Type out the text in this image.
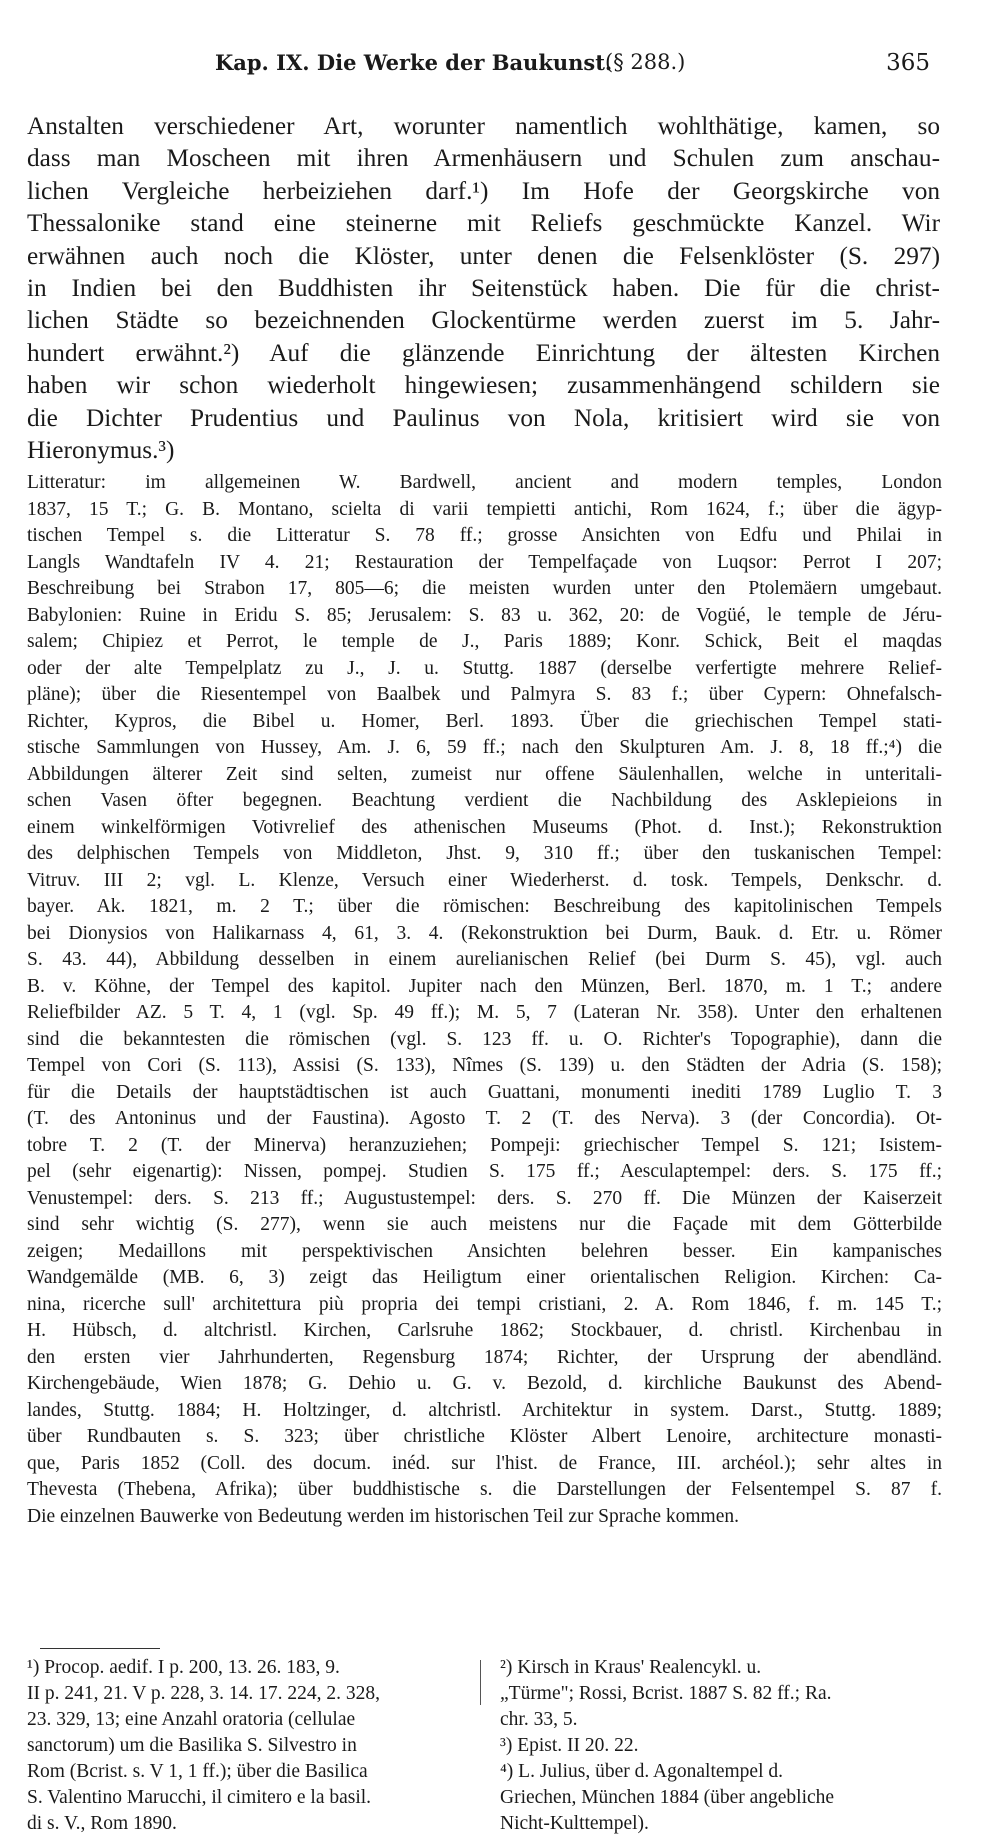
Kap. IX. Die Werke der Baukunst.
(§ 288.)	365
Anstalten verschiedener Art, worunter namentlich wohlthätige, kamen, so
dass man Moscheen mit ihren Armenhäusern und Schulen zum anschau-
lichen Vergleiche herbeiziehen darf.¹) Im Hofe der Georgskirche von
Thessalonike stand eine steinerne mit Reliefs geschmückte Kanzel. Wir
erwähnen auch noch die Klöster, unter denen die Felsenklöster (S. 297)
in Indien bei den Buddhisten ihr Seitenstück haben. Die für die christ-
lichen Städte so bezeichnenden Glockentürme werden zuerst im 5. Jahr-
hundert erwähnt.²) Auf die glänzende Einrichtung der ältesten Kirchen
haben wir schon wiederholt hingewiesen; zusammenhängend schildern sie
die Dichter Prudentius und Paulinus von Nola, kritisiert wird sie von
Hieronymus.³)
Litteratur: im allgemeinen W. Bardwell, ancient and modern temples, London
1837, 15 T.; G. B. Montano, scielta di varii tempietti antichi, Rom 1624, f.; über die ägyp-
tischen Tempel s. die Litteratur S. 78 ff.; grosse Ansichten von Edfu und Philai in
Langls Wandtafeln IV 4. 21; Restauration der Tempelfaçade von Luqsor: Perrot I 207;
Beschreibung bei Strabon 17, 805—6; die meisten wurden unter den Ptolemäern umgebaut.
Babylonien: Ruine in Eridu S. 85; Jerusalem: S. 83 u. 362, 20: de Vogüé, le temple de Jéru-
salem; Chipiez et Perrot, le temple de J., Paris 1889; Konr. Schick, Beit el maqdas
oder der alte Tempelplatz zu J., J. u. Stuttg. 1887 (derselbe verfertigte mehrere Relief-
pläne); über die Riesentempel von Baalbek und Palmyra S. 83 f.; über Cypern: Ohnefalsch-
Richter, Kypros, die Bibel u. Homer, Berl. 1893. Über die griechischen Tempel stati-
stische Sammlungen von Hussey, Am. J. 6, 59 ff.; nach den Skulpturen Am. J. 8, 18 ff.;⁴) die
Abbildungen älterer Zeit sind selten, zumeist nur offene Säulenhallen, welche in unteritali-
schen Vasen öfter begegnen. Beachtung verdient die Nachbildung des Asklepieions in
einem winkelförmigen Votivrelief des athenischen Museums (Phot. d. Inst.); Rekonstruktion
des delphischen Tempels von Middleton, Jhst. 9, 310 ff.; über den tuskanischen Tempel:
Vitruv. III 2; vgl. L. Klenze, Versuch einer Wiederherst. d. tosk. Tempels, Denkschr. d.
bayer. Ak. 1821, m. 2 T.; über die römischen: Beschreibung des kapitolinischen Tempels
bei Dionysios von Halikarnass 4, 61, 3. 4. (Rekonstruktion bei Durm, Bauk. d. Etr. u. Römer
S. 43. 44), Abbildung desselben in einem aurelianischen Relief (bei Durm S. 45), vgl. auch
B. v. Köhne, der Tempel des kapitol. Jupiter nach den Münzen, Berl. 1870, m. 1 T.; andere
Reliefbilder AZ. 5 T. 4, 1 (vgl. Sp. 49 ff.); M. 5, 7 (Lateran Nr. 358). Unter den erhaltenen
sind die bekanntesten die römischen (vgl. S. 123 ff. u. O. Richter's Topographie), dann die
Tempel von Cori (S. 113), Assisi (S. 133), Nîmes (S. 139) u. den Städten der Adria (S. 158);
für die Details der hauptstädtischen ist auch Guattani, monumenti inediti 1789 Luglio T. 3
(T. des Antoninus und der Faustina). Agosto T. 2 (T. des Nerva). 3 (der Concordia). Ot-
tobre T. 2 (T. der Minerva) heranzuziehen; Pompeji: griechischer Tempel S. 121; Isistem-
pel (sehr eigenartig): Nissen, pompej. Studien S. 175 ff.; Aesculaptempel: ders. S. 175 ff.;
Venustempel: ders. S. 213 ff.; Augustustempel: ders. S. 270 ff. Die Münzen der Kaiserzeit
sind sehr wichtig (S. 277), wenn sie auch meistens nur die Façade mit dem Götterbilde
zeigen; Medaillons mit perspektivischen Ansichten belehren besser. Ein kampanisches
Wandgemälde (MB. 6, 3) zeigt das Heiligtum einer orientalischen Religion. Kirchen: Ca-
nina, ricerche sull' architettura più propria dei tempi cristiani, 2. A. Rom 1846, f. m. 145 T.;
H. Hübsch, d. altchristl. Kirchen, Carlsruhe 1862; Stockbauer, d. christl. Kirchenbau in
den ersten vier Jahrhunderten, Regensburg 1874; Richter, der Ursprung der abendländ.
Kirchengebäude, Wien 1878; G. Dehio u. G. v. Bezold, d. kirchliche Baukunst des Abend-
landes, Stuttg. 1884; H. Holtzinger, d. altchristl. Architektur in system. Darst., Stuttg. 1889;
über Rundbauten s. S. 323; über christliche Klöster Albert Lenoire, architecture monasti-
que, Paris 1852 (Coll. des docum. inéd. sur l'hist. de France, III. archéol.); sehr altes in
Thevesta (Thebena, Afrika); über buddhistische s. die Darstellungen der Felsentempel S. 87 f.
Die einzelnen Bauwerke von Bedeutung werden im historischen Teil zur Sprache kommen.
¹) Procop. aedif. I p. 200, 13. 26. 183, 9.
II p. 241, 21. V p. 228, 3. 14. 17. 224, 2. 328,
23. 329, 13; eine Anzahl oratoria (cellulae
sanctorum) um die Basilika S. Silvestro in
Rom (Bcrist. s. V 1, 1 ff.); über die Basilica
S. Valentino Marucchi, il cimitero e la basil.
di s. V., Rom 1890.
²) Kirsch in Kraus' Realencykl. u.
„Türme"; Rossi, Bcrist. 1887 S. 82 ff.; Ra.
chr. 33, 5.
³) Epist. II 20. 22.
⁴) L. Julius, über d. Agonaltempel d.
Griechen, München 1884 (über angebliche
Nicht-Kulttempel).
